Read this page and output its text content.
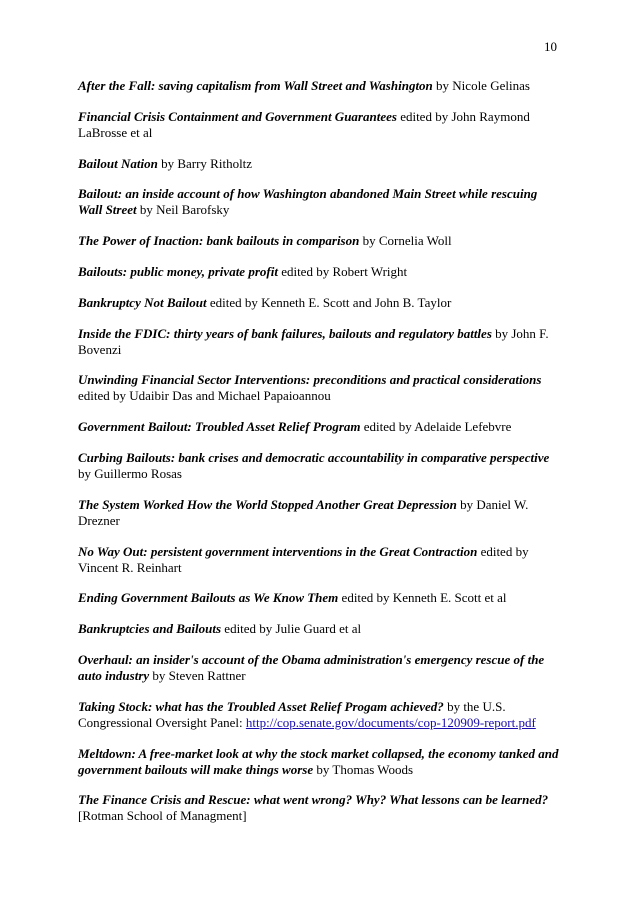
10

After the Fall: saving capitalism from Wall Street and Washington by Nicole Gelinas

Financial Crisis Containment and Government Guarantees edited by John Raymond LaBrosse et al

Bailout Nation by Barry Ritholtz

Bailout: an inside account of how Washington abandoned Main Street while rescuing Wall Street by Neil Barofsky

The Power of Inaction: bank bailouts in comparison by Cornelia Woll

Bailouts: public money, private profit edited by Robert Wright

Bankruptcy Not Bailout edited by Kenneth E. Scott and John B. Taylor

Inside the FDIC: thirty years of bank failures, bailouts and regulatory battles by John F. Bovenzi

Unwinding Financial Sector Interventions: preconditions and practical considerations edited by Udaibir Das and Michael Papaioannou

Government Bailout: Troubled Asset Relief Program edited by Adelaide Lefebvre

Curbing Bailouts: bank crises and democratic accountability in comparative perspective by Guillermo Rosas

The System Worked How the World Stopped Another Great Depression by Daniel W. Drezner

No Way Out: persistent government interventions in the Great Contraction edited by Vincent R. Reinhart

Ending Government Bailouts as We Know Them edited by Kenneth E. Scott et al

Bankruptcies and Bailouts edited by Julie Guard et al

Overhaul: an insider's account of the Obama administration's emergency rescue of the auto industry by Steven Rattner

Taking Stock: what has the Troubled Asset Relief Progam achieved? by the U.S. Congressional Oversight Panel: http://cop.senate.gov/documents/cop-120909-report.pdf

Meltdown: A free-market look at why the stock market collapsed, the economy tanked and government bailouts will make things worse by Thomas Woods

The Finance Crisis and Rescue: what went wrong? Why? What lessons can be learned? [Rotman School of Managment]
